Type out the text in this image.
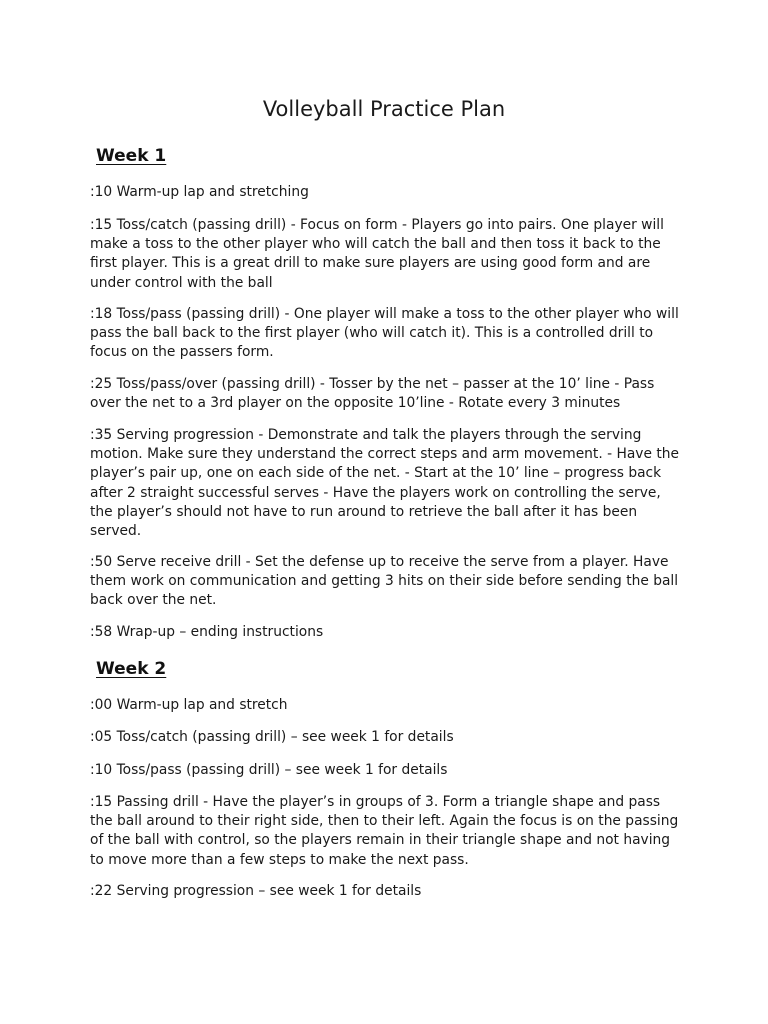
Volleyball Practice Plan
Week 1

:10 Warm-up lap and stretching

:15 Toss/catch (passing drill) - Focus on form - Players go into pairs. One player will make a toss to the other player who will catch the ball and then toss it back to the first player. This is a great drill to make sure players are using good form and are under control with the ball

:18 Toss/pass (passing drill) - One player will make a toss to the other player who will pass the ball back to the first player (who will catch it). This is a controlled drill to focus on the passers form.

:25 Toss/pass/over (passing drill) - Tosser by the net – passer at the 10’ line - Pass over the net to a 3rd player on the opposite 10’line - Rotate every 3 minutes

:35 Serving progression - Demonstrate and talk the players through the serving motion. Make sure they understand the correct steps and arm movement. - Have the player’s pair up, one on each side of the net. - Start at the 10’ line – progress back after 2 straight successful serves - Have the players work on controlling the serve, the player’s should not have to run around to retrieve the ball after it has been served.

:50 Serve receive drill - Set the defense up to receive the serve from a player. Have them work on communication and getting 3 hits on their side before sending the ball back over the net.

:58 Wrap-up – ending instructions

Week 2

:00 Warm-up lap and stretch

:05 Toss/catch (passing drill) – see week 1 for details

:10 Toss/pass (passing drill) – see week 1 for details

:15 Passing drill - Have the player’s in groups of 3. Form a triangle shape and pass the ball around to their right side, then to their left. Again the focus is on the passing of the ball with control, so the players remain in their triangle shape and not having to move more than a few steps to make the next pass.

:22 Serving progression – see week 1 for details
